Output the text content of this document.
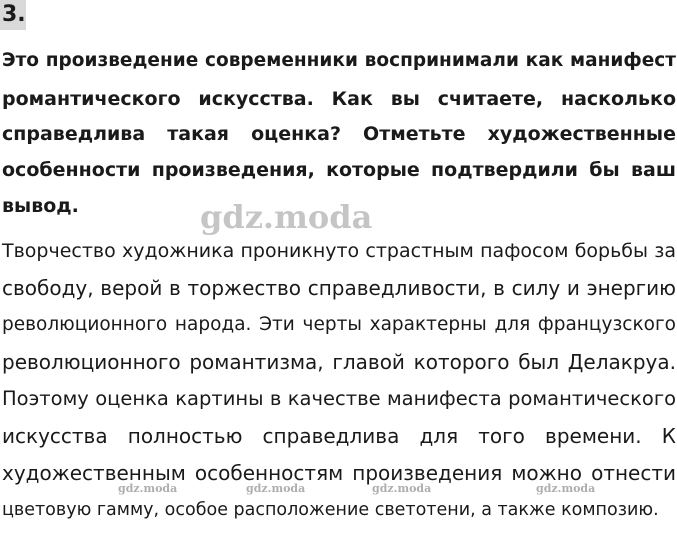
3.
Это произведение современники воспринимали как манифест
романтического искусства. Как вы считаете, насколько
справедлива такая оценка? Отметьте художественные
особенности произведения, которые подтвердили бы ваш
вывод.	gdz.moda
Творчество художника проникнуто страстным пафосом борьбы за
свободу, верой в торжество справедливости, в силу и энергию
революционного народа. Эти черты характерны для французского
революционного романтизма, главой которого был Делакруа.
Поэтому оценка картины в качестве манифеста романтического
искусства полностью справедлива для того времени. К
художественным особенностям произведения можно отнести
gdz.moda	gdz.moda	gdz.moda	gdz.moda
цветовую гамму, особое расположение светотени, а также композию.
